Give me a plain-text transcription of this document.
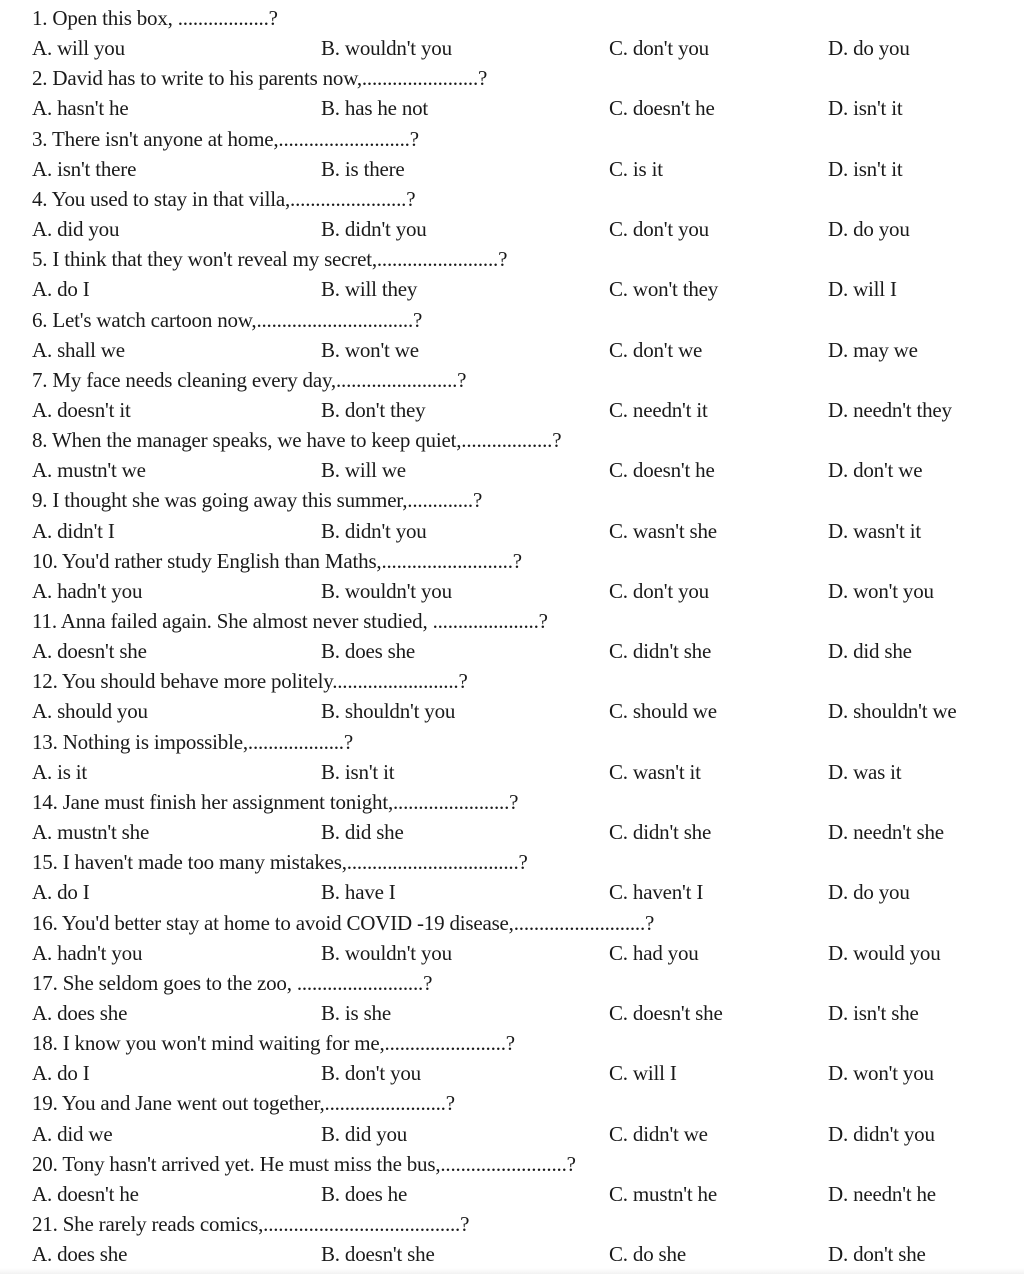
1. Open this box, ..................?
A. will you	B. wouldn't you	C. don't you	D. do you
2. David has to write to his parents now,.......................?
A. hasn't he	B. has he not	C. doesn't he	D. isn't it
3. There isn't anyone at home,..........................?
A. isn't there	B. is there	C. is it	D. isn't it
4. You used to stay in that villa,.......................?
A. did you	B. didn't you	C. don't you	D. do you
5. I think that they won't reveal my secret,........................?
A. do I	B. will they	C. won't they	D. will I
6. Let's watch cartoon now,...............................?
A. shall we	B. won't we	C. don't we	D. may we
7. My face needs cleaning every day,........................?
A. doesn't it	B. don't they	C. needn't it	D. needn't they
8. When the manager speaks, we have to keep quiet,..................?
A. mustn't we	B. will we	C. doesn't he	D. don't we
9. I thought she was going away this summer,.............?
A. didn't I	B. didn't you	C. wasn't she	D. wasn't it
10. You'd rather study English than Maths,..........................?
A. hadn't you	B. wouldn't you	C. don't you	D. won't you
11. Anna failed again. She almost never studied, .....................?
A. doesn't she	B. does she	C. didn't she	D. did she
12. You should behave more politely.........................?
A. should you	B. shouldn't you	C. should we	D. shouldn't we
13. Nothing is impossible,...................?
A. is it	B. isn't it	C. wasn't it	D. was it
14. Jane must finish her assignment tonight,.......................?
A. mustn't she	B. did she	C. didn't she	D. needn't she
15. I haven't made too many mistakes,..................................?
A. do I	B. have I	C. haven't I	D. do you
16. You'd better stay at home to avoid COVID -19 disease,..........................?
A. hadn't you	B. wouldn't you	C. had you	D. would you
17. She seldom goes to the zoo, .........................?
A. does she	B. is she	C. doesn't she	D. isn't she
18. I know you won't mind waiting for me,........................?
A. do I	B. don't you	C. will I	D. won't you
19. You and Jane went out together,........................?
A. did we	B. did you	C. didn't we	D. didn't you
20. Tony hasn't arrived yet. He must miss the bus,.........................?
A. doesn't he	B. does he	C. mustn't he	D. needn't he
21. She rarely reads comics,.......................................?
A. does she	B. doesn't she	C. do she	D. don't she
